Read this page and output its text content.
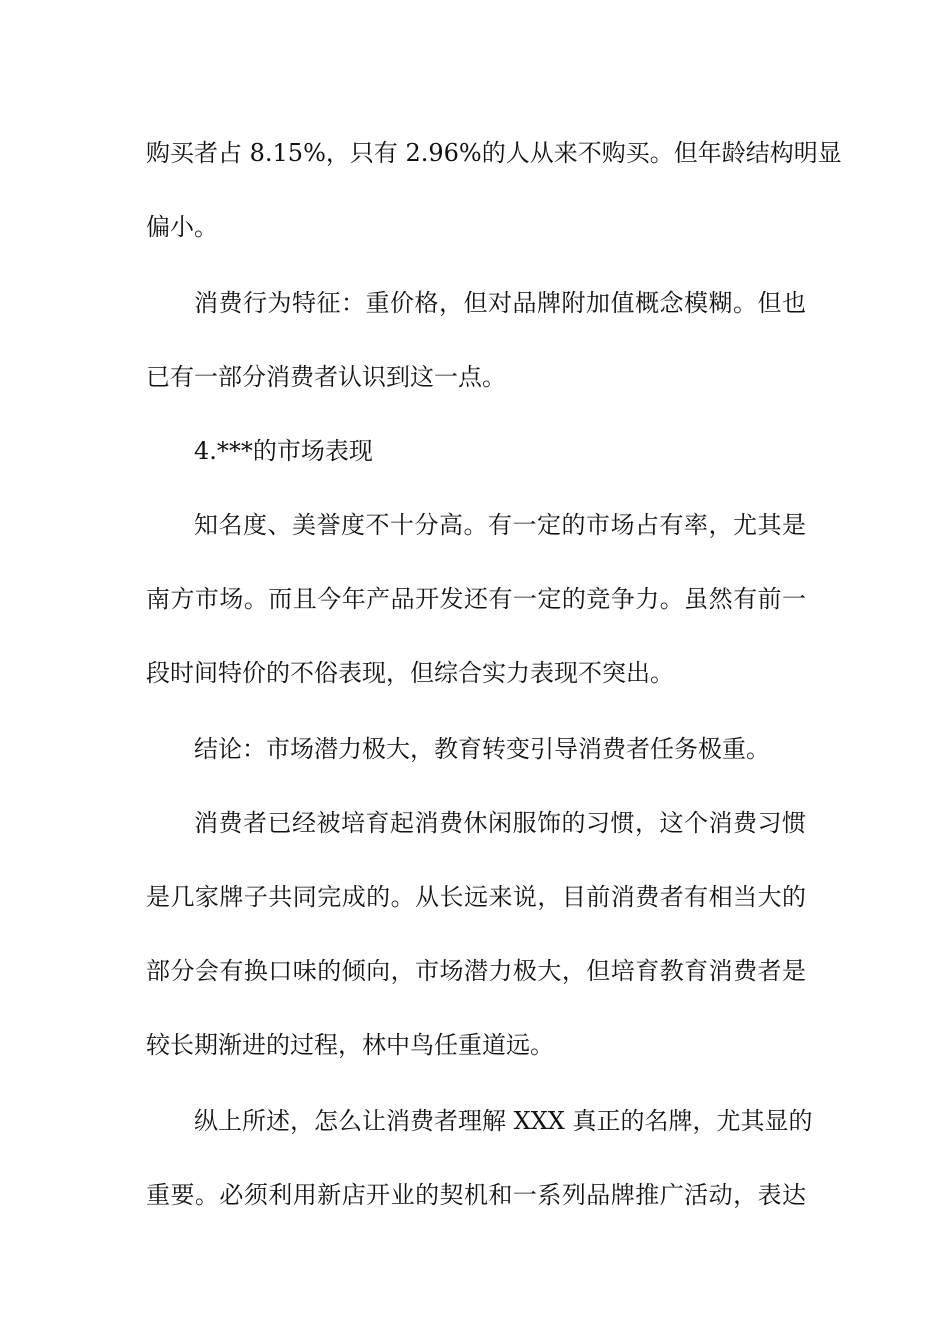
购买者占 8.15%，只有 2.96%的人从来不购买。但年龄结构明显
偏小。
消费行为特征：重价格，但对品牌附加值概念模糊。但也
已有一部分消费者认识到这一点。
4.***的市场表现
知名度、美誉度不十分高。有一定的市场占有率，尤其是
南方市场。而且今年产品开发还有一定的竞争力。虽然有前一
段时间特价的不俗表现，但综合实力表现不突出。
结论：市场潜力极大，教育转变引导消费者任务极重。
消费者已经被培育起消费休闲服饰的习惯，这个消费习惯
是几家牌子共同完成的。从长远来说，目前消费者有相当大的
部分会有换口味的倾向，市场潜力极大，但培育教育消费者是
较长期渐进的过程，林中鸟任重道远。
纵上所述，怎么让消费者理解 XXX 真正的名牌，尤其显的
重要。必须利用新店开业的契机和一系列品牌推广活动，表达
